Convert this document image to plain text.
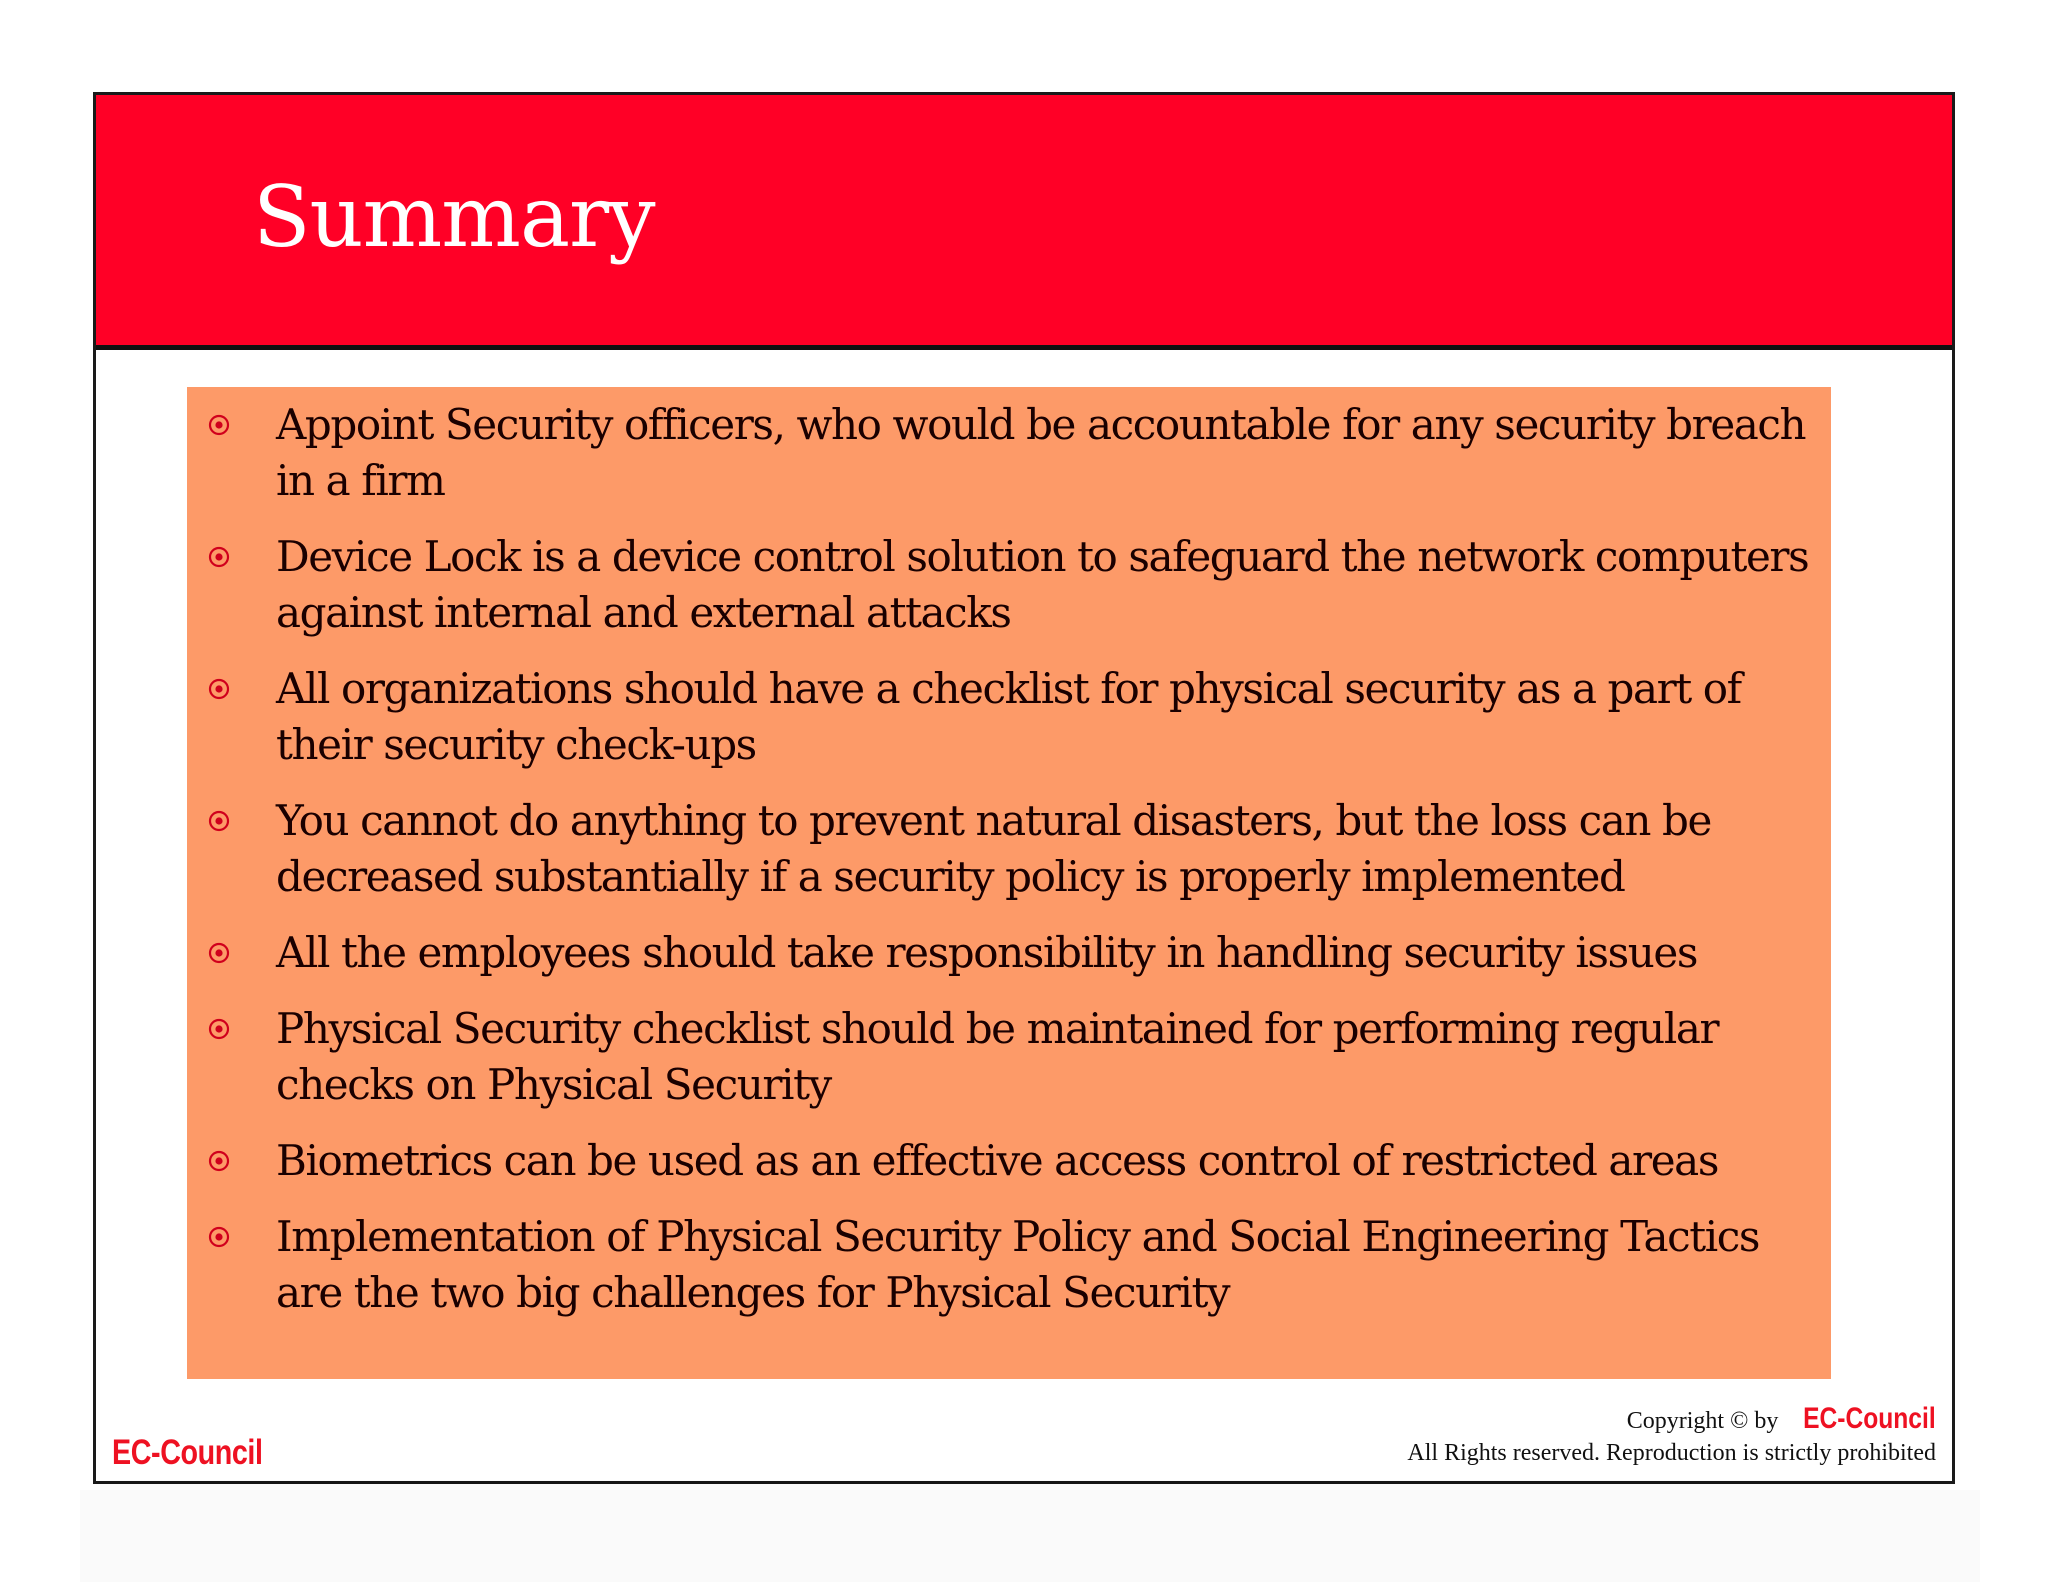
Summary
Appoint Security officers, who would be accountable for any security breach in a firm
Device Lock is a device control solution to safeguard the network computers against internal and external attacks
All organizations should have a checklist for physical security as a part of their security check-ups
You cannot do anything to prevent natural disasters, but the loss can be decreased substantially if a security policy is properly implemented
All the employees should take responsibility in handling security issues
Physical Security checklist should be maintained for performing regular checks on Physical Security
Biometrics can be used as an effective access control of restricted areas
Implementation of Physical Security Policy and Social Engineering Tactics are the two big challenges for Physical Security
EC-Council
Copyright © by EC-Council
All Rights reserved. Reproduction is strictly prohibited
